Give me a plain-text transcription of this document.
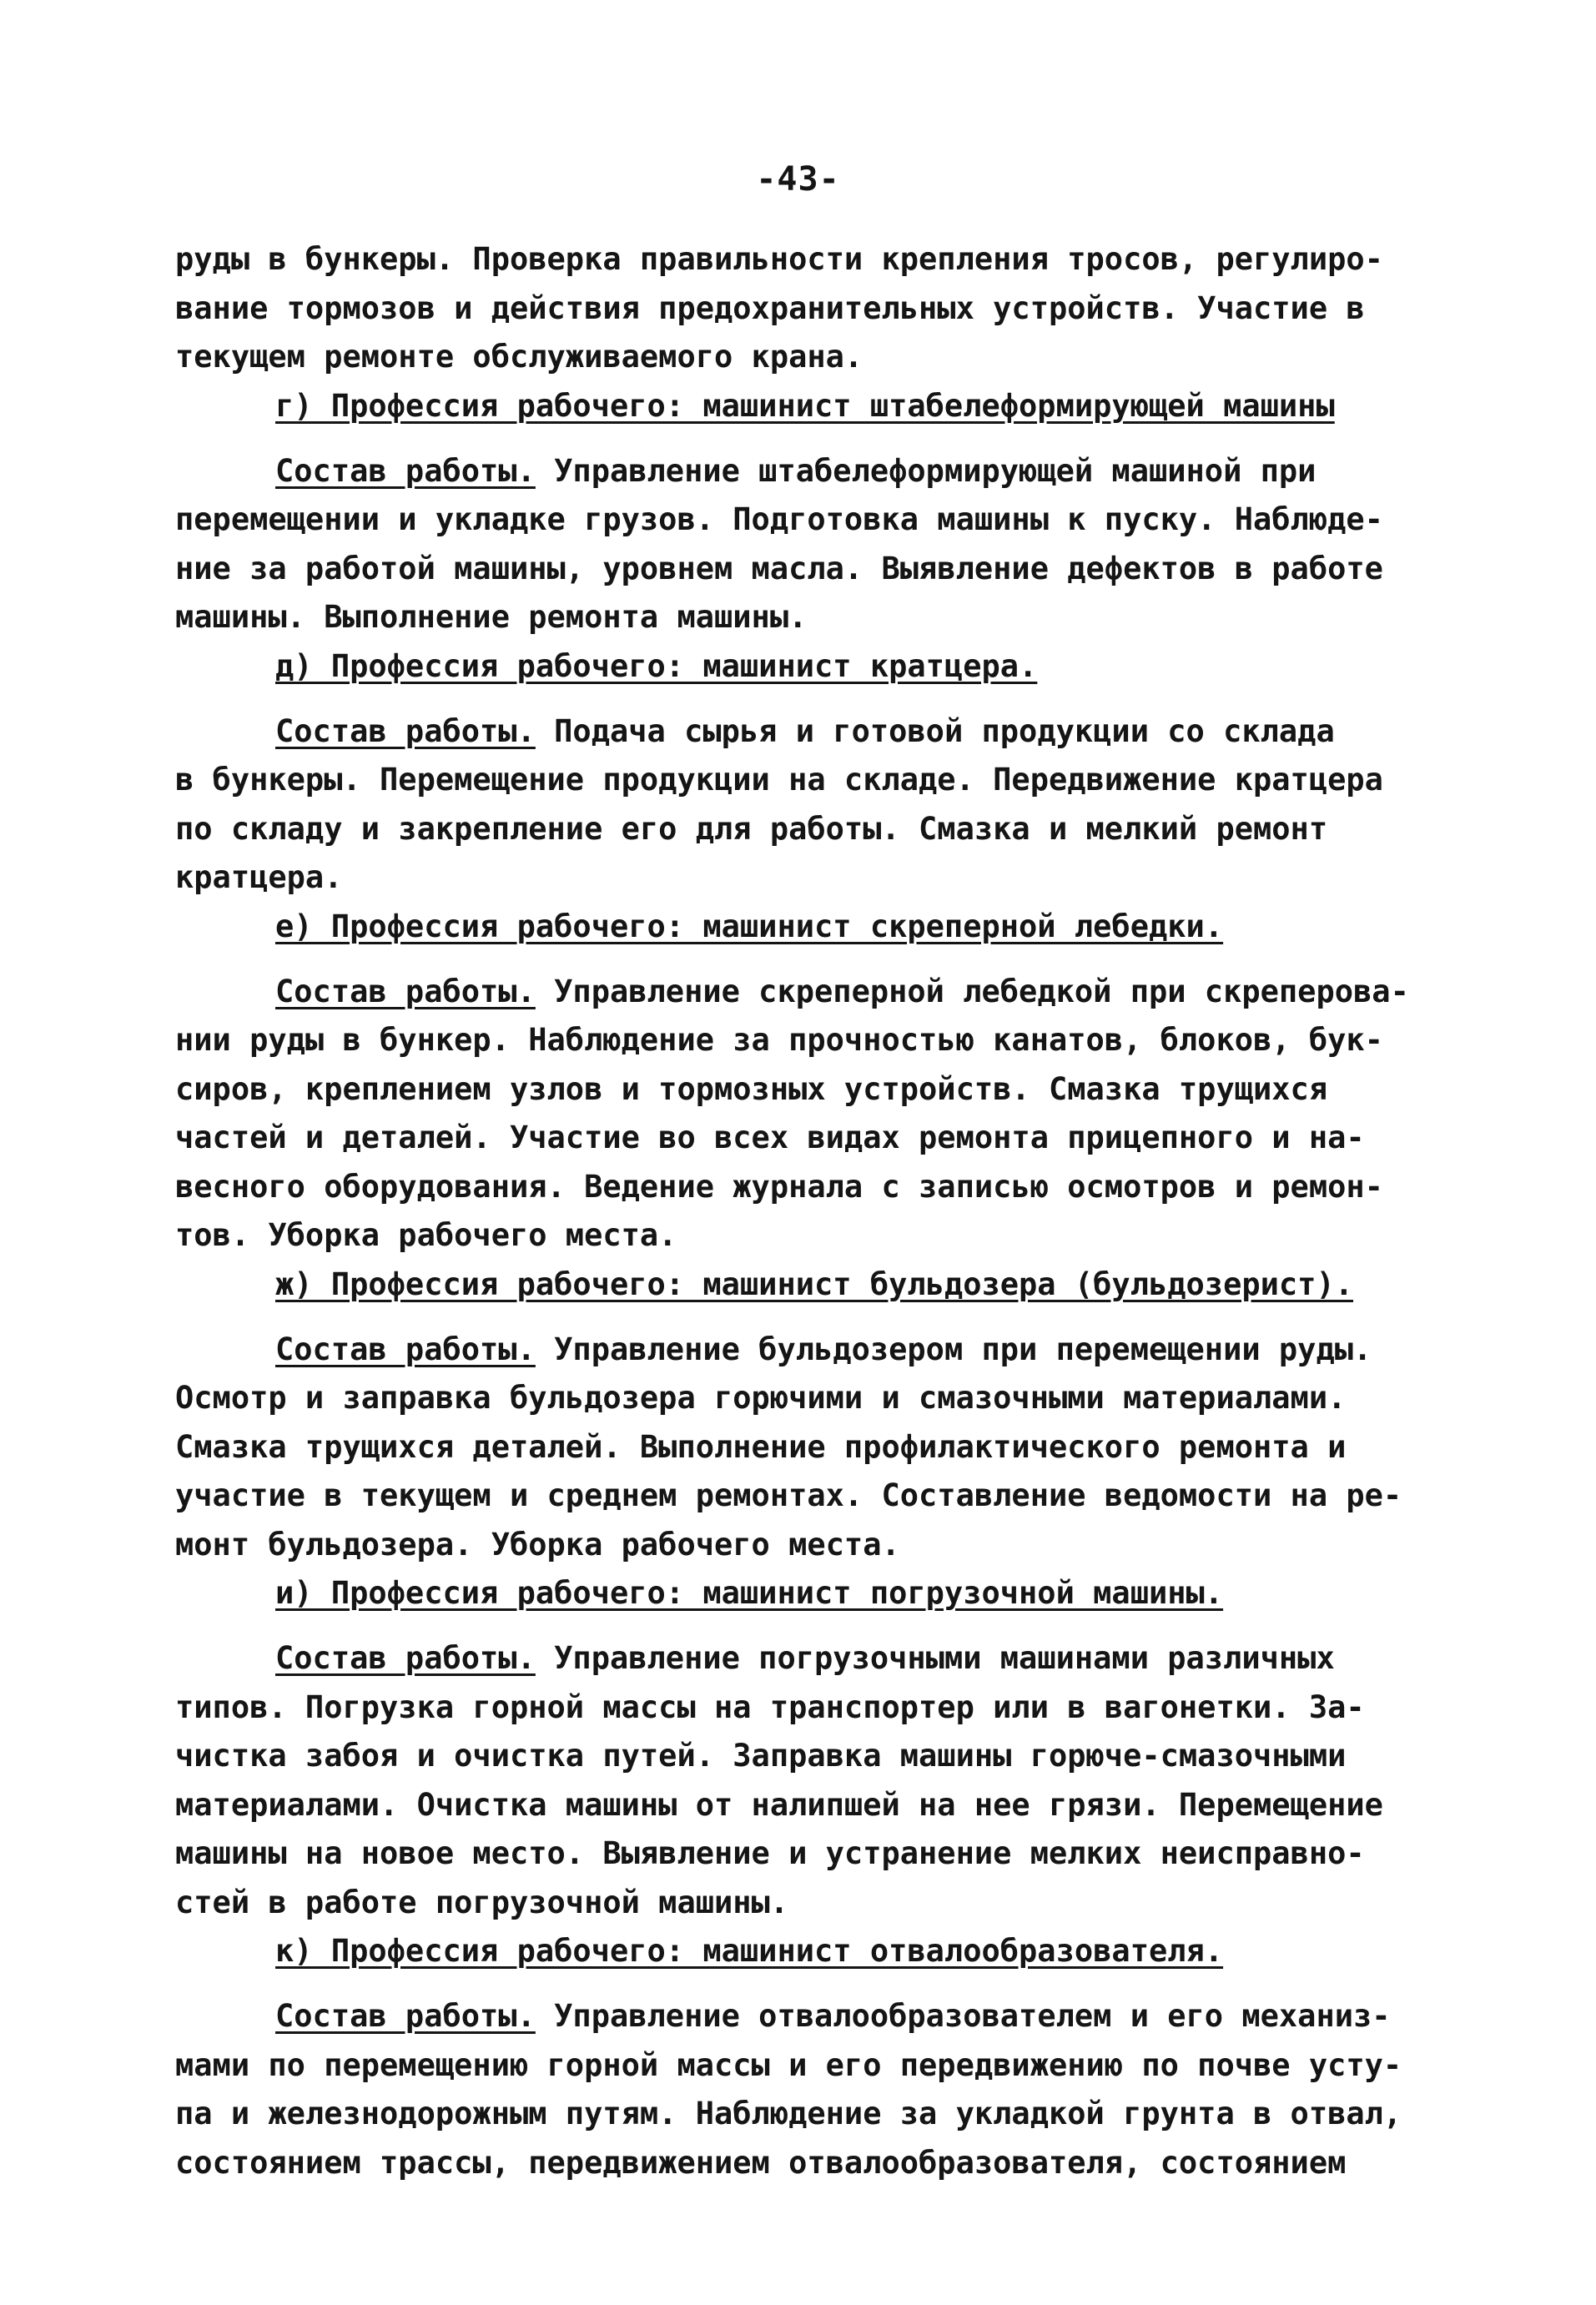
-43-
руды в бункеры. Проверка правильности крепления тросов, регулиро-
вание тормозов и действия предохранительных устройств. Участие в
текущем ремонте обслуживаемого крана.
г) Профессия рабочего: машинист штабелеформирующей машины
Состав работы. Управление штабелеформирующей машиной при
перемещении и укладке грузов. Подготовка машины к пуску. Наблюде-
ние за работой машины, уровнем масла. Выявление дефектов в работе
машины. Выполнение ремонта машины.
д) Профессия рабочего: машинист кратцера.
Состав работы. Подача сырья и готовой продукции со склада
в бункеры. Перемещение продукции на складе. Передвижение кратцера
по складу и закрепление его для работы. Смазка и мелкий ремонт
кратцера.
е) Профессия рабочего: машинист скреперной лебедки.
Состав работы. Управление скреперной лебедкой при скреперова-
нии руды в бункер. Наблюдение за прочностью канатов, блоков, бук-
сиров, креплением узлов и тормозных устройств. Смазка трущихся
частей и деталей. Участие во всех видах ремонта прицепного и на-
весного оборудования. Ведение журнала с записью осмотров и ремон-
тов. Уборка рабочего места.
ж) Профессия рабочего: машинист бульдозера (бульдозерист).
Состав работы. Управление бульдозером при перемещении руды.
Осмотр и заправка бульдозера горючими и смазочными материалами.
Смазка трущихся деталей. Выполнение профилактического ремонта и
участие в текущем и среднем ремонтах. Составление ведомости на ре-
монт бульдозера. Уборка рабочего места.
и) Профессия рабочего: машинист погрузочной машины.
Состав работы. Управление погрузочными машинами различных
типов. Погрузка горной массы на транспортер или в вагонетки. За-
чистка забоя и очистка путей. Заправка машины горюче-смазочными
материалами. Очистка машины от налипшей на нее грязи. Перемещение
машины на новое место. Выявление и устранение мелких неисправно-
стей в работе погрузочной машины.
к) Профессия рабочего: машинист отвалообразователя.
Состав работы. Управление отвалообразователем и его механиз-
мами по перемещению горной массы и его передвижению по почве усту-
па и железнодорожным путям. Наблюдение за укладкой грунта в отвал,
состоянием трассы, передвижением отвалообразователя, состоянием
